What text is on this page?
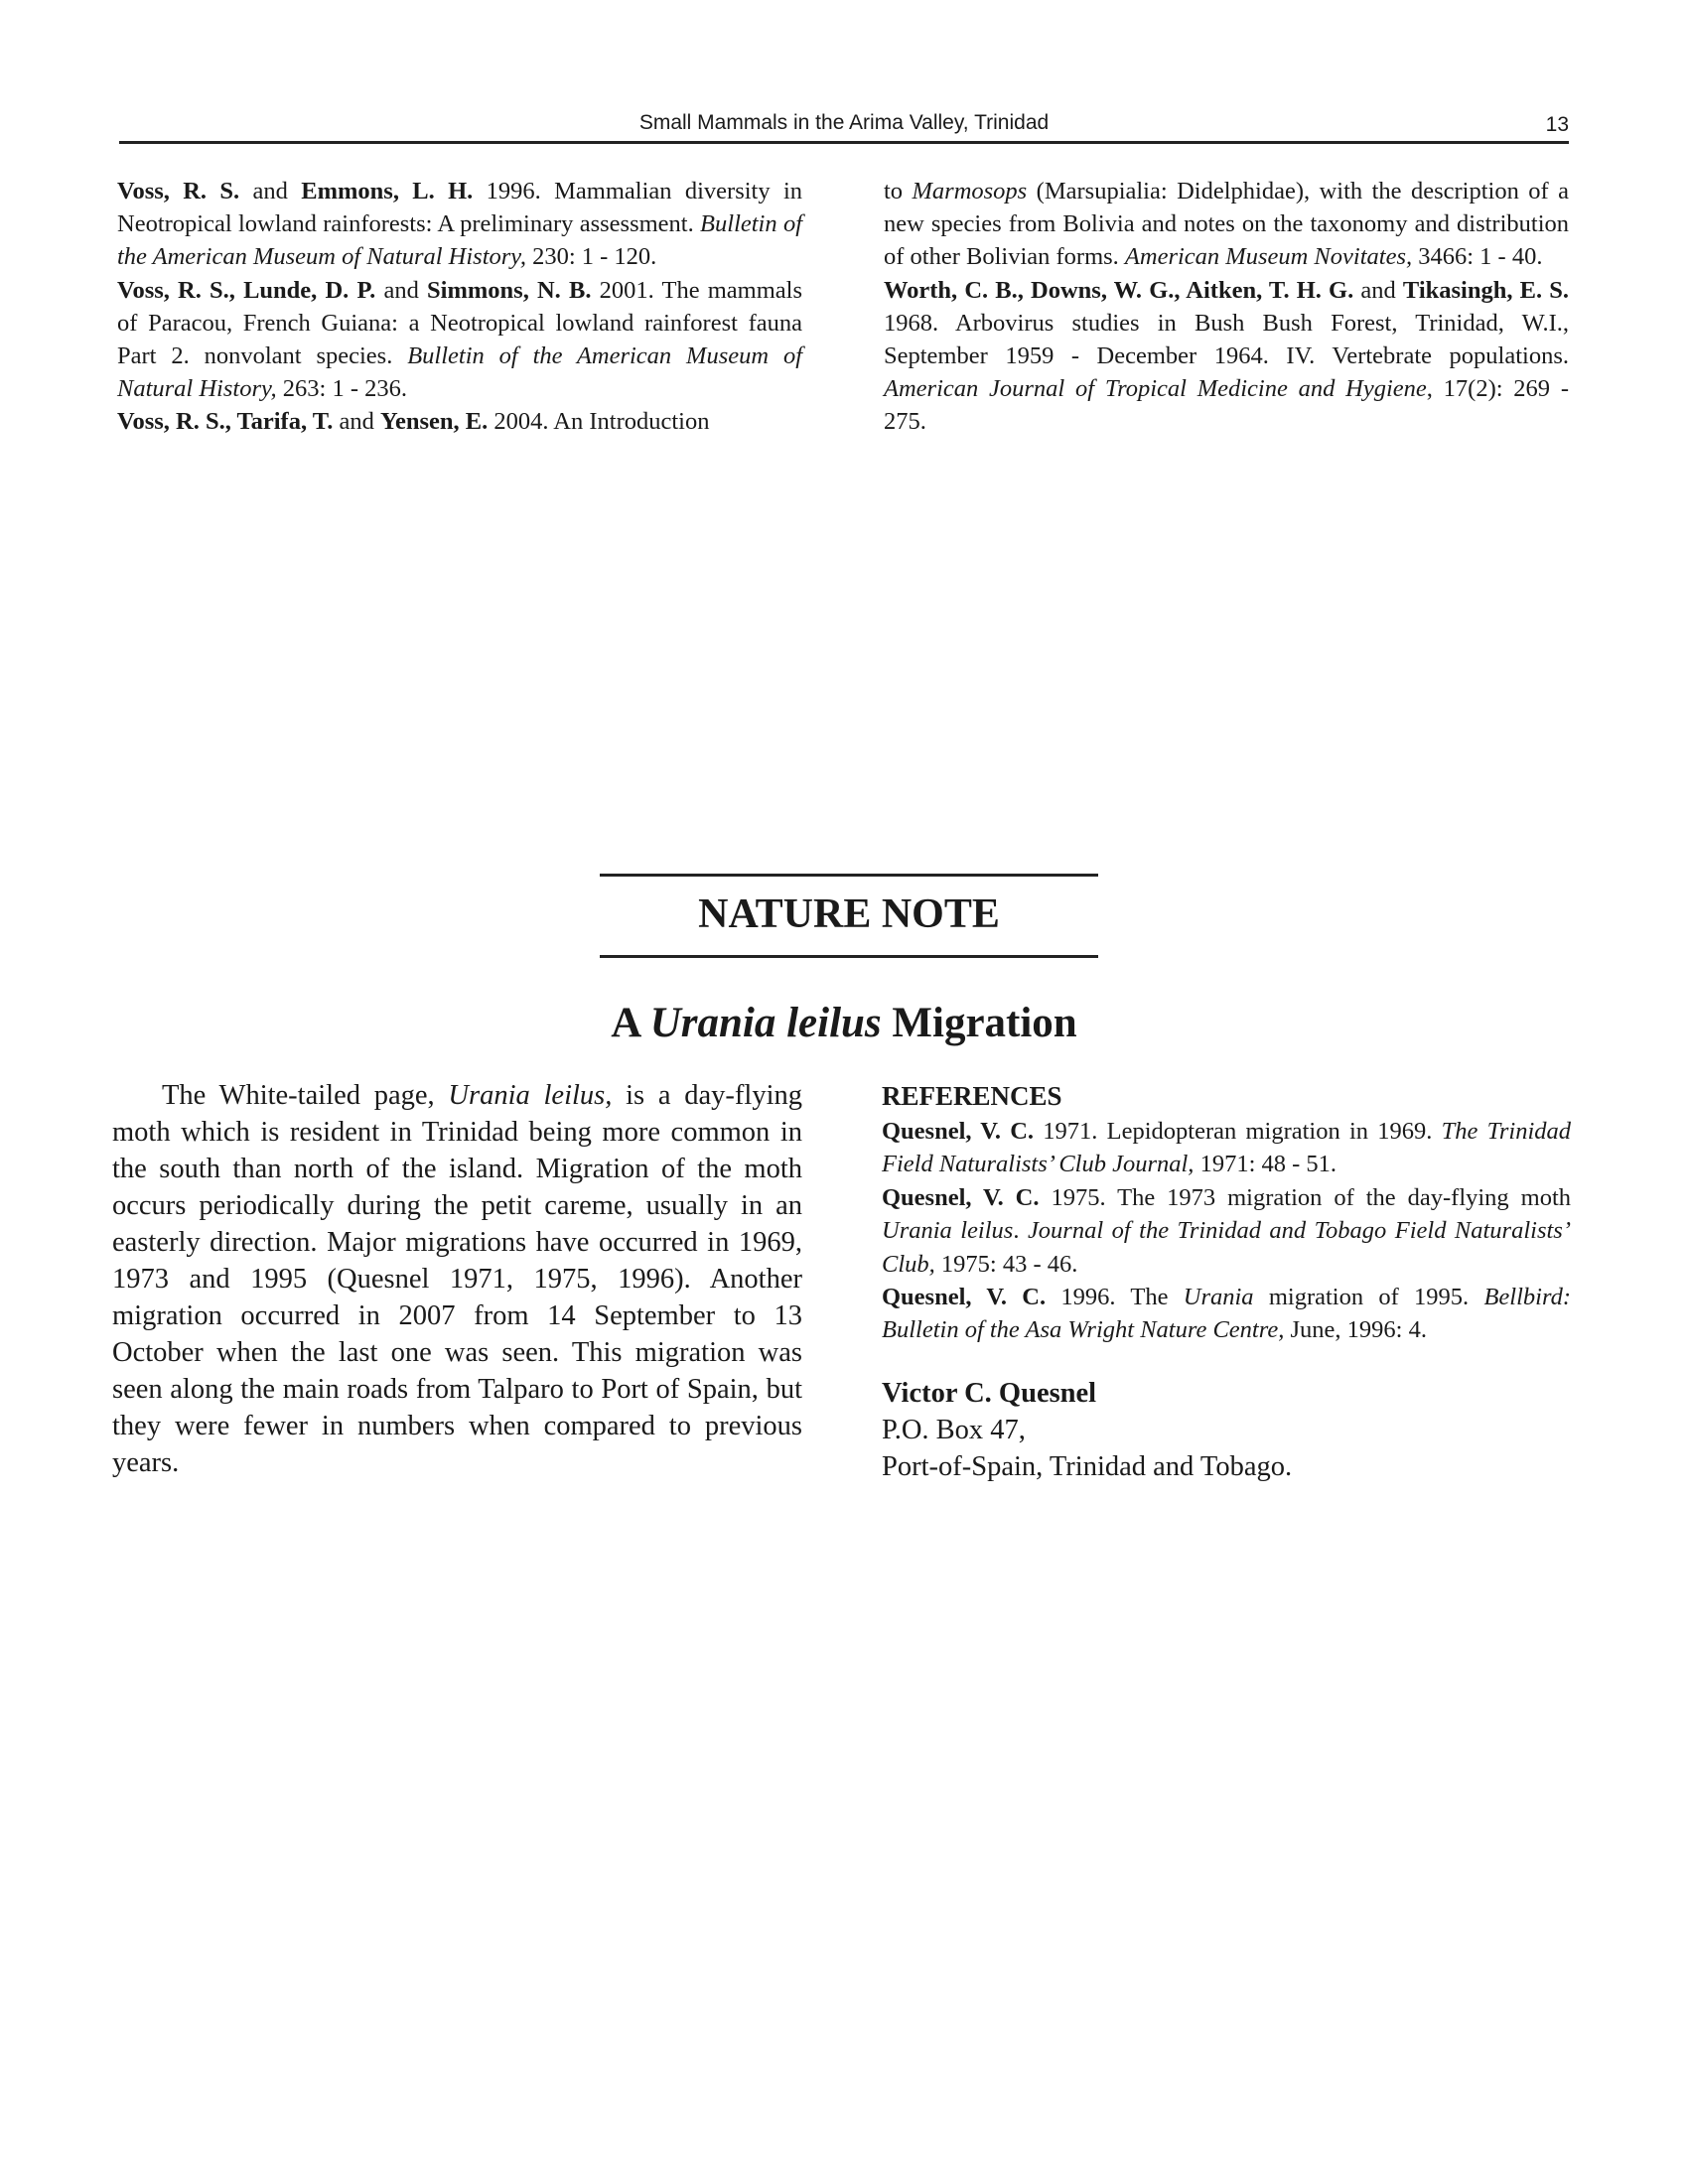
Small Mammals in the Arima Valley, Trinidad	13

Voss, R. S. and Emmons, L. H. 1996. Mammalian diversity in Neotropical lowland rainforests: A preliminary assessment. Bulletin of the American Museum of Natural History, 230: 1 - 120.

Voss, R. S., Lunde, D. P. and Simmons, N. B. 2001. The mammals of Paracou, French Guiana: a Neotropical lowland rainforest fauna Part 2. nonvolant species. Bulletin of the American Museum of Natural History, 263: 1 - 236.

Voss, R. S., Tarifa, T. and Yensen, E. 2004. An Introduction

to Marmosops (Marsupialia: Didelphidae), with the description of a new species from Bolivia and notes on the taxonomy and distribution of other Bolivian forms. American Museum Novitates, 3466: 1 - 40.

Worth, C. B., Downs, W. G., Aitken, T. H. G. and Tikasingh, E. S. 1968. Arbovirus studies in Bush Bush Forest, Trinidad, W.I., September 1959 - December 1964. IV. Vertebrate populations. American Journal of Tropical Medicine and Hygiene, 17(2): 269 - 275.

NATURE NOTE
A Urania leilus Migration

The White-tailed page, Urania leilus, is a day-flying moth which is resident in Trinidad being more common in the south than north of the island. Migration of the moth occurs periodically during the petit careme, usually in an easterly direction. Major migrations have occurred in 1969, 1973 and 1995 (Quesnel 1971, 1975, 1996). Another migration occurred in 2007 from 14 September to 13 October when the last one was seen. This migration was seen along the main roads from Talparo to Port of Spain, but they were fewer in numbers when compared to previous years.

REFERENCES

Quesnel, V. C. 1971. Lepidopteran migration in 1969. The Trinidad Field Naturalists’ Club Journal, 1971: 48 - 51.

Quesnel, V. C. 1975. The 1973 migration of the day-flying moth Urania leilus. Journal of the Trinidad and Tobago Field Naturalists’ Club, 1975: 43 - 46.

Quesnel, V. C. 1996. The Urania migration of 1995. Bellbird: Bulletin of the Asa Wright Nature Centre, June, 1996: 4.

Victor C. Quesnel
P.O. Box 47,
Port-of-Spain, Trinidad and Tobago.
